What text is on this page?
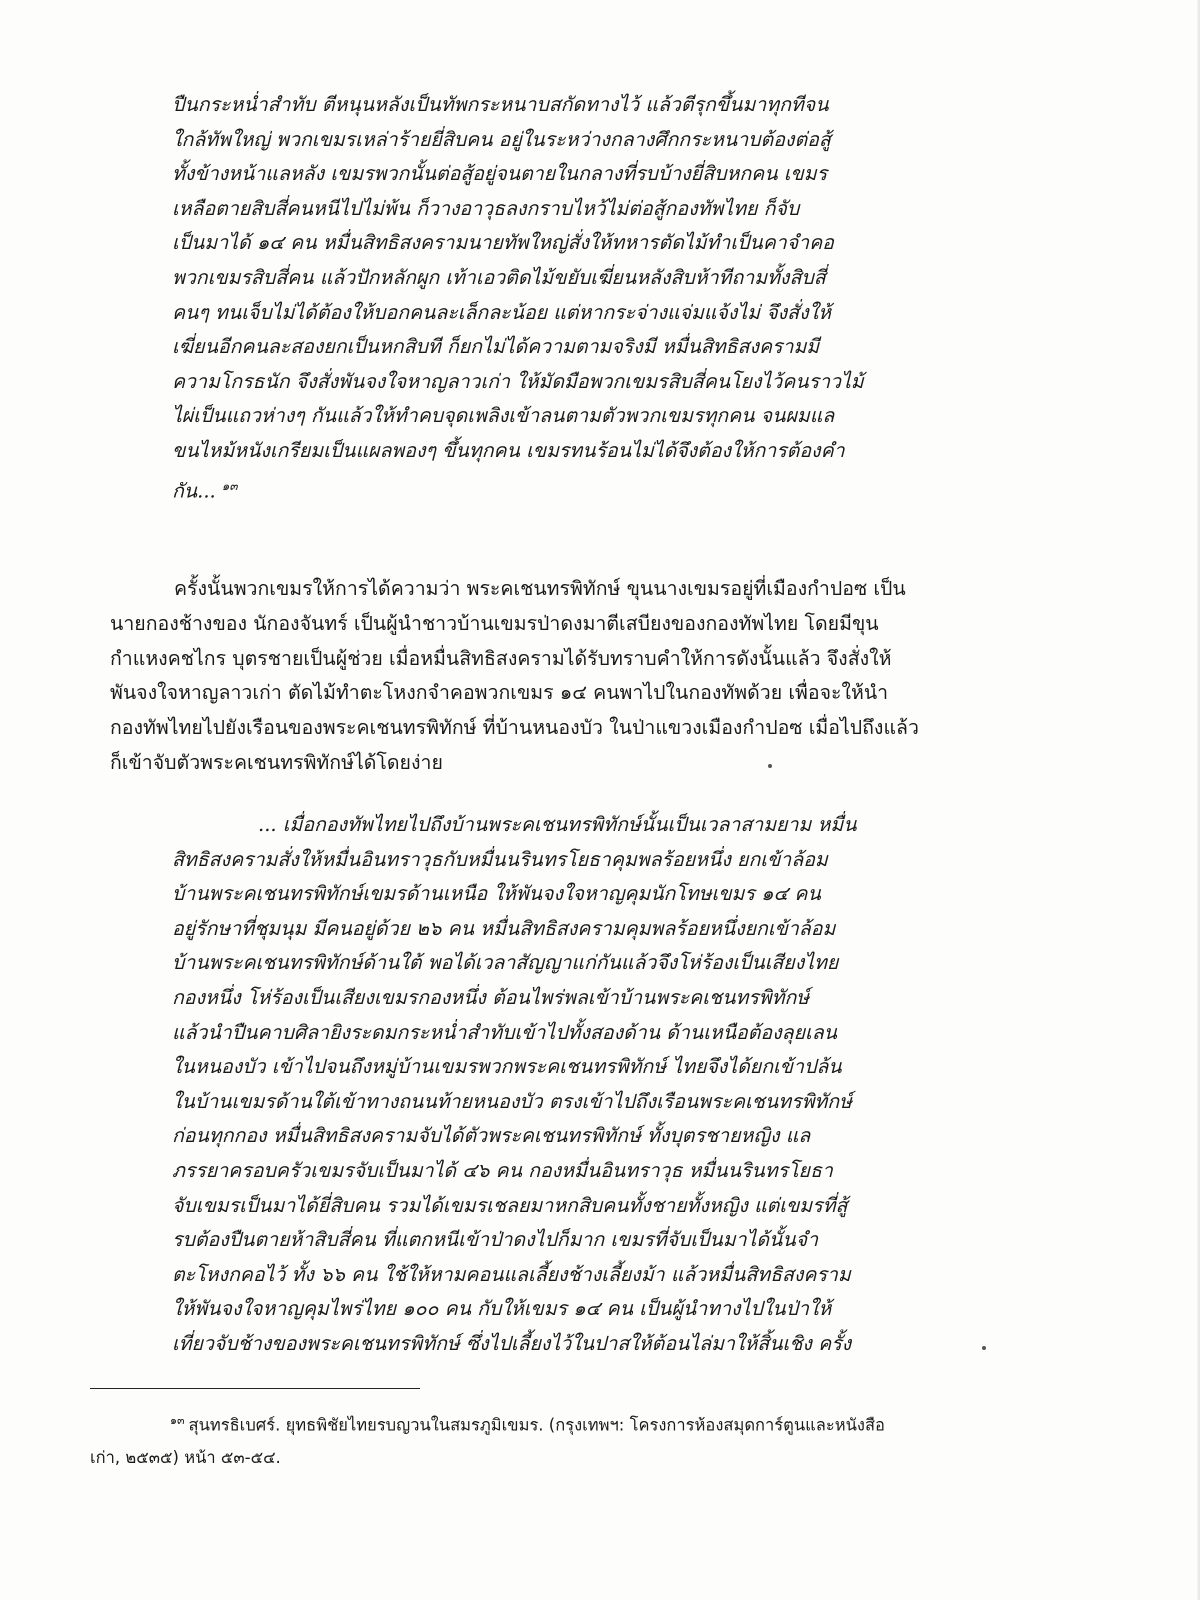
ปืนกระหน่ำสำทับ ตีหนุนหลังเป็นทัพกระหนาบสกัดทางไว้ แล้วตีรุกขึ้นมาทุกทีจน
ใกล้ทัพใหญ่ พวกเขมรเหล่าร้ายยี่สิบคน อยู่ในระหว่างกลางศึกกระหนาบต้องต่อสู้
ทั้งข้างหน้าแลหลัง เขมรพวกนั้นต่อสู้อยู่จนตายในกลางที่รบบ้างยี่สิบหกคน เขมร
เหลือตายสิบสี่คนหนีไปไม่พ้น ก็วางอาวุธลงกราบไหว้ไม่ต่อสู้กองทัพไทย ก็จับ
เป็นมาได้ ๑๔ คน หมื่นสิทธิสงครามนายทัพใหญ่สั่งให้ทหารตัดไม้ทำเป็นคาจำคอ
พวกเขมรสิบสี่คน แล้วปักหลักผูก เท้าเอวติดไม้ขยับเฆี่ยนหลังสิบห้าทีถามทั้งสิบสี่
คนๆ ทนเจ็บไม่ได้ต้องให้บอกคนละเล็กละน้อย แต่หากระจ่างแจ่มแจ้งไม่ จึงสั่งให้
เฆี่ยนอีกคนละสองยกเป็นหกสิบที ก็ยกไม่ได้ความตามจริงมี หมื่นสิทธิสงครามมี
ความโกรธนัก จึงสั่งพันจงใจหาญลาวเก่า ให้มัดมือพวกเขมรสิบสี่คนโยงไว้คนราวไม้
ไผ่เป็นแถวห่างๆ กันแล้วให้ทำคบจุดเพลิงเข้าลนตามตัวพวกเขมรทุกคน จนผมแล
ขนไหม้หนังเกรียมเป็นแผลพองๆ ขึ้นทุกคน เขมรทนร้อนไม่ได้จึงต้องให้การต้องคำ
กัน... $^{๑๓}$
ครั้งนั้นพวกเขมรให้การได้ความว่า พระคเชนทรพิทักษ์ ขุนนางเขมรอยู่ที่เมืองกำปอซ เป็น
นายกองช้างของ นักองจันทร์ เป็นผู้นำชาวบ้านเขมรป่าดงมาตีเสบียงของกองทัพไทย โดยมีขุน
กำแหงคชไกร บุตรชายเป็นผู้ช่วย เมื่อหมื่นสิทธิสงครามได้รับทราบคำให้การดังนั้นแล้ว จึงสั่งให้
พันจงใจหาญลาวเก่า ตัดไม้ทำตะโหงกจำคอพวกเขมร ๑๔ คนพาไปในกองทัพด้วย เพื่อจะให้นำ
กองทัพไทยไปยังเรือนของพระคเชนทรพิทักษ์ ที่บ้านหนองบัว ในป่าแขวงเมืองกำปอซ เมื่อไปถึงแล้ว
ก็เข้าจับตัวพระคเชนทรพิทักษ์ได้โดยง่าย
... เมื่อกองทัพไทยไปถึงบ้านพระคเชนทรพิทักษ์นั้นเป็นเวลาสามยาม หมื่น
สิทธิสงครามสั่งให้หมื่นอินทราวุธกับหมื่นนรินทรโยธาคุมพลร้อยหนึ่ง ยกเข้าล้อม
บ้านพระคเชนทรพิทักษ์เขมรด้านเหนือ ให้พันจงใจหาญคุมนักโทษเขมร ๑๔ คน
อยู่รักษาที่ชุมนุม มีคนอยู่ด้วย ๒๖ คน หมื่นสิทธิสงครามคุมพลร้อยหนึ่งยกเข้าล้อม
บ้านพระคเชนทรพิทักษ์ด้านใต้ พอได้เวลาสัญญาแก่กันแล้วจึงโห่ร้องเป็นเสียงไทย
กองหนึ่ง โห่ร้องเป็นเสียงเขมรกองหนึ่ง ต้อนไพร่พลเข้าบ้านพระคเชนทรพิทักษ์
แล้วนำปืนคาบศิลายิงระดมกระหน่ำสำทับเข้าไปทั้งสองด้าน ด้านเหนือต้องลุยเลน
ในหนองบัว เข้าไปจนถึงหมู่บ้านเขมรพวกพระคเชนทรพิทักษ์ ไทยจึงได้ยกเข้าปล้น
ในบ้านเขมรด้านใต้เข้าทางถนนท้ายหนองบัว ตรงเข้าไปถึงเรือนพระคเชนทรพิทักษ์
ก่อนทุกกอง หมื่นสิทธิสงครามจับได้ตัวพระคเชนทรพิทักษ์ ทั้งบุตรชายหญิง แล
ภรรยาครอบครัวเขมรจับเป็นมาได้ ๔๖ คน กองหมื่นอินทราวุธ หมื่นนรินทรโยธา
จับเขมรเป็นมาได้ยี่สิบคน รวมได้เขมรเชลยมาหกสิบคนทั้งชายทั้งหญิง แต่เขมรที่สู้
รบต้องปืนตายห้าสิบสี่คน ที่แตกหนีเข้าป่าดงไปก็มาก เขมรที่จับเป็นมาได้นั้นจำ
ตะโหงกคอไว้ ทั้ง ๖๖ คน ใช้ให้หามคอนแลเลี้ยงช้างเลี้ยงม้า แล้วหมื่นสิทธิสงคราม
ให้พันจงใจหาญคุมไพร่ไทย ๑๐๐ คน กับให้เขมร ๑๔ คน เป็นผู้นำทางไปในป่าให้
เที่ยวจับช้างของพระคเชนทรพิทักษ์ ซึ่งไปเลี้ยงไว้ในปาสให้ต้อนไล่มาให้สิ้นเชิง ครั้ง
$^{๑๓}$ สุนทรธิเบศร์. ยุทธพิชัยไทยรบญวนในสมรภูมิเขมร. (กรุงเทพฯ: โครงการห้องสมุดการ์ตูนและหนังสือ
เก่า, ๒๕๓๕) หน้า ๕๓-๕๔.
